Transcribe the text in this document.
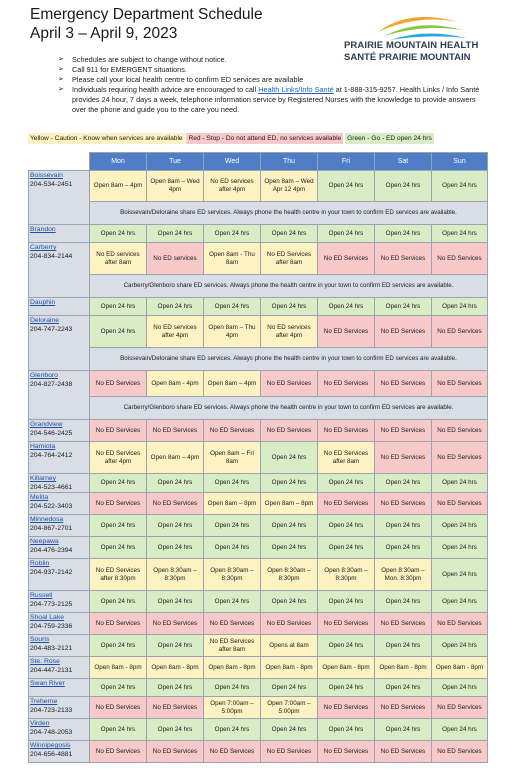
Emergency Department Schedule
April 3 – April 9, 2023
PRAIRIE MOUNTAIN HEALTH
SANTÉ PRAIRIE MOUNTAIN
➢ Schedules are subject to change without notice.
➢ Call 911 for EMERGENT situations.
➢ Please call your local health centre to confirm ED services are available
➢ Individuals requiring health advice are encouraged to call Health Links/Info Santé at 1-888-315-9257. Health Links / Info Santé provides 24 hour, 7 days a week, telephone information service by Registered Nurses with the knowledge to provide answers over the phone and guide you to the care you need.
Yellow - Caution - Know when services are available Red - Stop - Do not attend ED, no services available Green - Go - ED open 24 hrs
	Mon	Tue	Wed	Thu	Fri	Sat	Sun

Boissevain
204-534-2451	Open 8am – 4pm	Open 8am – Wed 4pm	No ED services after 4pm	Open 8am – Wed Apr 12 4pm	Open 24 hrs	Open 24 hrs	Open 24 hrs
	Boissevain/Deloraine share ED services. Always phone the health centre in your town to confirm ED services are available.						

Brandon	Open 24 hrs	Open 24 hrs	Open 24 hrs	Open 24 hrs	Open 24 hrs	Open 24 hrs	Open 24 hrs

Carberry
204-834-2144	No ED services after 8am	No ED services	Open 8am - Thu 8am	No ED Services after 8am	No ED Services	No ED Services	No ED Services
	Carberry/Glenboro share ED services. Always phone the health centre in your town to confirm ED services are available.						

Dauphin	Open 24 hrs	Open 24 hrs	Open 24 hrs	Open 24 hrs	Open 24 hrs	Open 24 hrs	Open 24 hrs

Deloraine
204-747-2243	Open 24 hrs	No ED services after 4pm	Open 8am – Thu 4pm	No ED services after 4pm	No ED Services	No ED Services	No ED Services
	Boissevain/Deloraine share ED services. Always phone the health centre in your town to confirm ED services are available.						

Glenboro
204-827-2438	No ED Services	Open 8am - 4pm	Open 8am – 4pm	No ED Services	No ED Services	No ED Services	No ED Services
	Carberry/Glenboro share ED services. Always phone the health centre in your town to confirm ED services are available.						

Grandview
204-546-2425	No ED Services	No ED Services	No ED Services	No ED Services	No ED Services	No ED Services	No ED Services

Hamiota
204-764-2412	No ED Services after 4pm	Open 8am – 4pm	Open 8am – Fri 8am	Open 24 hrs	No ED Services after 8am	No ED Services	No ED Services

Killarney
204-523-4661	Open 24 hrs	Open 24 hrs	Open 24 hrs	Open 24 hrs	Open 24 hrs	Open 24 hrs	Open 24 hrs

Melita
204-522-3403	No ED Services	No ED Services	Open 8am – 8pm	Open 8am – 8pm	No ED Services	No ED Services	No ED Services

Minnedosa
204-867-2701	Open 24 hrs	Open 24 hrs	Open 24 hrs	Open 24 hrs	Open 24 hrs	Open 24 hrs	Open 24 hrs

Neepawa
204-476-2394	Open 24 hrs	Open 24 hrs	Open 24 hrs	Open 24 hrs	Open 24 hrs	Open 24 hrs	Open 24 hrs

Roblin
204-937-2142	No ED Services after 8:30pm	Open 8:30am – 8:30pm	Open 8:30am – 8:30pm	Open 8:30am – 8:30pm	Open 8:30am – 8:30pm	Open 8:30am – Mon. 8:30pm	Open 24 hrs

Russell
204-773-2125	Open 24 hrs	Open 24 hrs	Open 24 hrs	Open 24 hrs	Open 24 hrs	Open 24 hrs	Open 24 hrs

Shoal Lake
204-759-2336	No ED Services	No ED Services	No ED Services	No ED Services	No ED Services	No ED Services	No ED Services

Souris
204-483-2121	Open 24 hrs	Open 24 hrs	No ED Services after 8am	Opens at 8am	Open 24 hrs	Open 24 hrs	Open 24 hrs

Ste. Rose
204-447-2131	Open 8am - 8pm	Open 8am - 8pm	Open 8am - 8pm	Open 8am - 8pm	Open 8am - 8pm	Open 8am - 8pm	Open 8am - 8pm

Swan River	Open 24 hrs	Open 24 hrs	Open 24 hrs	Open 24 hrs	Open 24 hrs	Open 24 hrs	Open 24 hrs

Treherne
204-723-2133	No ED Services	No ED Services	Open 7:00am – 5:00pm	Open 7:00am – 5:00pm	No ED Services	No ED Services	No ED Services

Virden
204-748-2053	Open 24 hrs	Open 24 hrs	Open 24 hrs	Open 24 hrs	Open 24 hrs	Open 24 hrs	Open 24 hrs

Winnipegosis
204-656-4881	No ED Services	No ED Services	No ED Services	No ED Services	No ED Services	No ED Services	No ED Services
